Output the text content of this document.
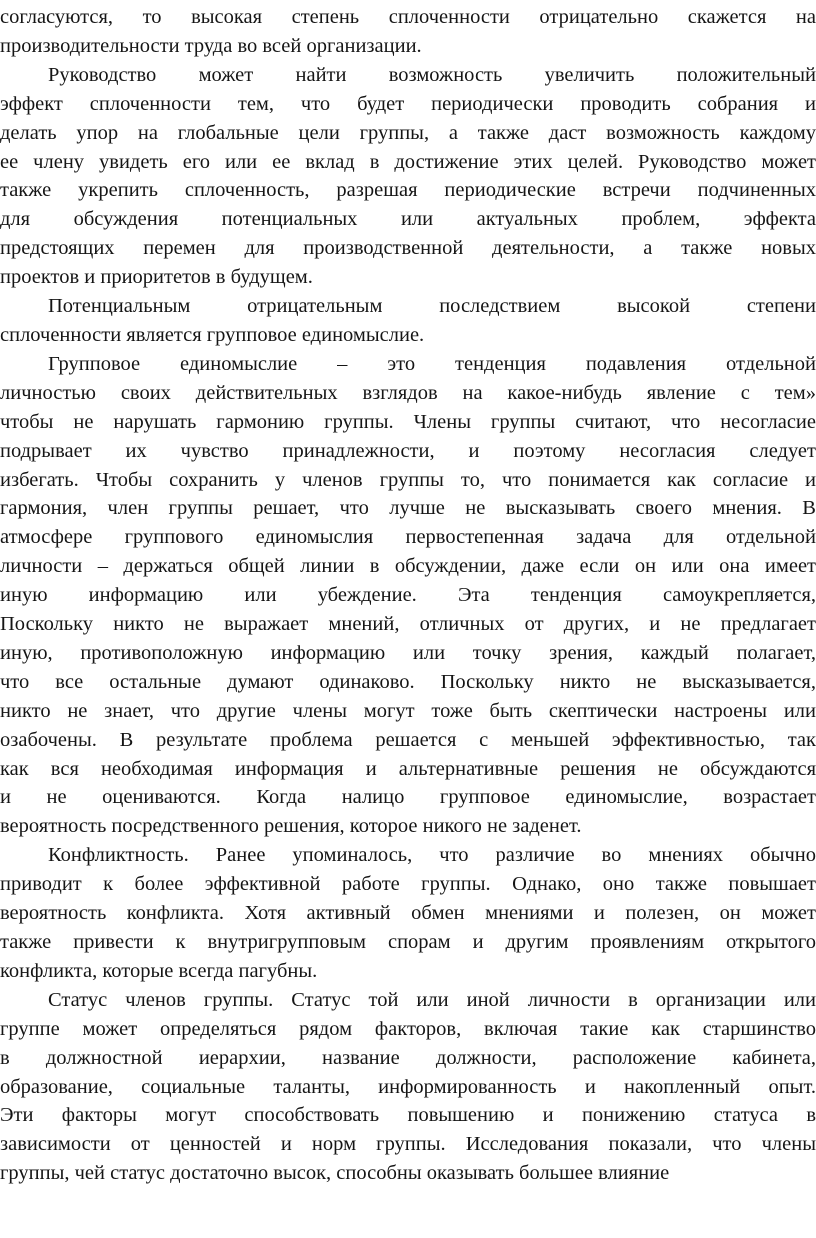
согласуются, то высокая степень сплоченности отрицательно скажется на
производительности труда во всей организации.
Руководство может найти возможность увеличить положительный
эффект сплоченности тем, что будет периодически проводить собрания и
делать упор на глобальные цели группы, а также даст возможность каждому
ее члену увидеть его или ее вклад в достижение этих целей. Руководство может
также укрепить сплоченность, разрешая периодические встречи подчиненных
для обсуждения потенциальных или актуальных проблем, эффекта
предстоящих перемен для производственной деятельности, а также новых
проектов и приоритетов в будущем.
Потенциальным отрицательным последствием высокой степени
сплоченности является групповое единомыслие.
Групповое единомыслие – это тенденция подавления отдельной
личностью своих действительных взглядов на какое-нибудь явление с тем»
чтобы не нарушать гармонию группы. Члены группы считают, что несогласие
подрывает их чувство принадлежности, и поэтому несогласия следует
избегать. Чтобы сохранить у членов группы то, что понимается как согласие и
гармония, член группы решает, что лучше не высказывать своего мнения. В
атмосфере группового единомыслия первостепенная задача для отдельной
личности – держаться общей линии в обсуждении, даже если он или она имеет
иную информацию или убеждение. Эта тенденция самоукрепляется,
Поскольку никто не выражает мнений, отличных от других, и не предлагает
иную, противоположную информацию или точку зрения, каждый полагает,
что все остальные думают одинаково. Поскольку никто не высказывается,
никто не знает, что другие члены могут тоже быть скептически настроены или
озабочены. В результате проблема решается с меньшей эффективностью, так
как вся необходимая информация и альтернативные решения не обсуждаются
и не оцениваются. Когда налицо групповое единомыслие, возрастает
вероятность посредственного решения, которое никого не заденет.
Конфликтность. Ранее упоминалось, что различие во мнениях обычно
приводит к более эффективной работе группы. Однако, оно также повышает
вероятность конфликта. Хотя активный обмен мнениями и полезен, он может
также привести к внутригрупповым спорам и другим проявлениям открытого
конфликта, которые всегда пагубны.
Статус членов группы. Статус той или иной личности в организации или
группе может определяться рядом факторов, включая такие как старшинство
в должностной иерархии, название должности, расположение кабинета,
образование, социальные таланты, информированность и накопленный опыт.
Эти факторы могут способствовать повышению и понижению статуса в
зависимости от ценностей и норм группы. Исследования показали, что члены
группы, чей статус достаточно высок, способны оказывать большее влияние
